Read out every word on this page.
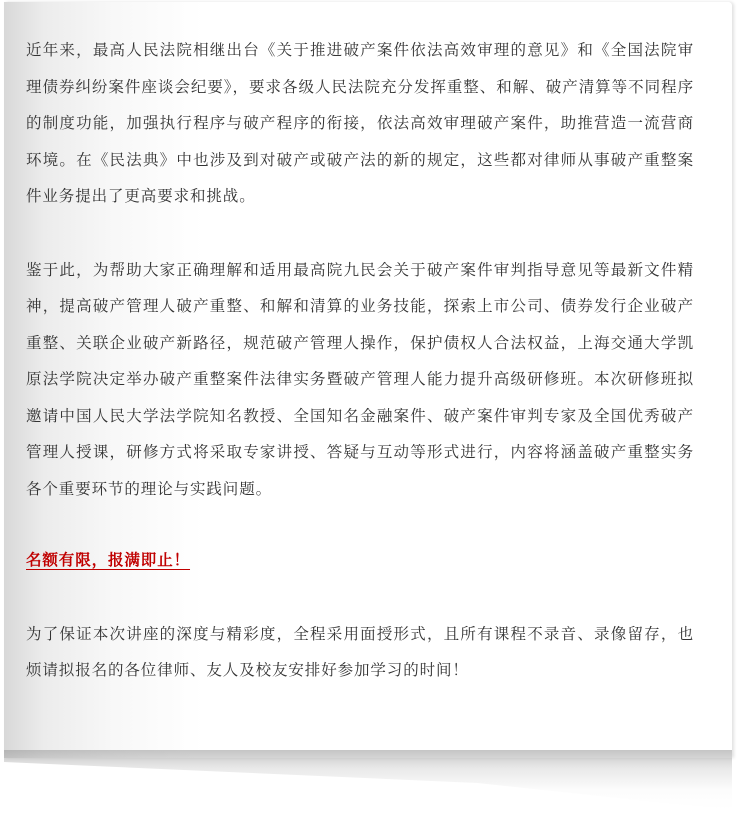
近年来，最高人民法院相继出台《关于推进破产案件依法高效审理的意见》和《全国法院审理债券纠纷案件座谈会纪要》，要求各级人民法院充分发挥重整、和解、破产清算等不同程序的制度功能，加强执行程序与破产程序的衔接，依法高效审理破产案件，助推营造一流营商环境。在《民法典》中也涉及到对破产或破产法的新的规定，这些都对律师从事破产重整案件业务提出了更高要求和挑战。

鉴于此，为帮助大家正确理解和适用最高院九民会关于破产案件审判指导意见等最新文件精神，提高破产管理人破产重整、和解和清算的业务技能，探索上市公司、债券发行企业破产重整、关联企业破产新路径，规范破产管理人操作，保护债权人合法权益，上海交通大学凯原法学院决定举办破产重整案件法律实务暨破产管理人能力提升高级研修班。本次研修班拟邀请中国人民大学法学院知名教授、全国知名金融案件、破产案件审判专家及全国优秀破产管理人授课，研修方式将采取专家讲授、答疑与互动等形式进行，内容将涵盖破产重整实务各个重要环节的理论与实践问题。

名额有限，报满即止！

为了保证本次讲座的深度与精彩度，全程采用面授形式，且所有课程不录音、录像留存，也烦请拟报名的各位律师、友人及校友安排好参加学习的时间！
